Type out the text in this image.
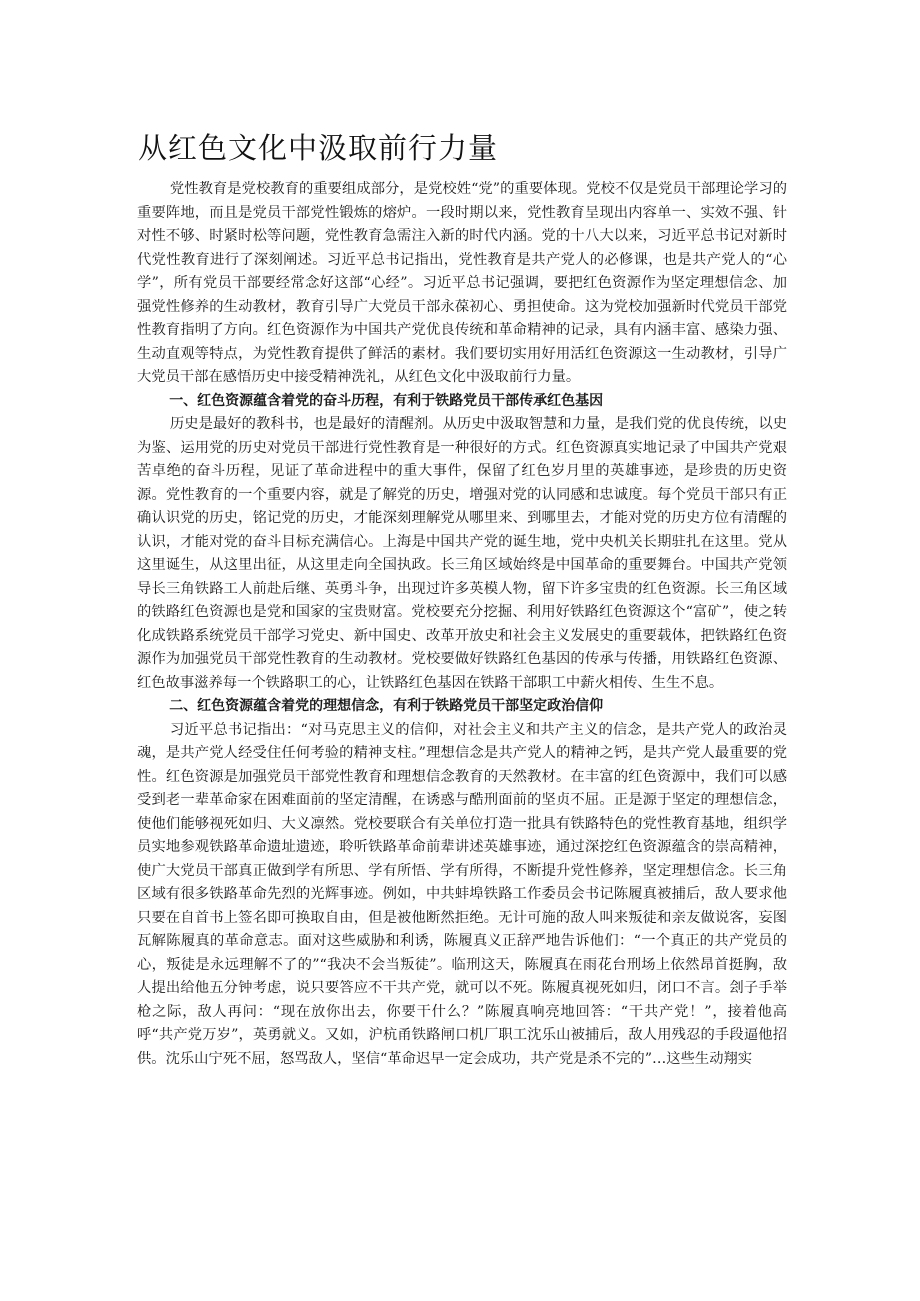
从红色文化中汲取前行力量

党性教育是党校教育的重要组成部分，是党校姓“党”的重要体现。党校不仅是党员干部理论学习的重要阵地，而且是党员干部党性锻炼的熔炉。一段时期以来，党性教育呈现出内容单一、实效不强、针对性不够、时紧时松等问题，党性教育急需注入新的时代内涵。党的十八大以来，习近平总书记对新时代党性教育进行了深刻阐述。习近平总书记指出，党性教育是共产党人的必修课，也是共产党人的“心学”，所有党员干部要经常念好这部“心经”。习近平总书记强调，要把红色资源作为坚定理想信念、加强党性修养的生动教材，教育引导广大党员干部永葆初心、勇担使命。这为党校加强新时代党员干部党性教育指明了方向。红色资源作为中国共产党优良传统和革命精神的记录，具有内涵丰富、感染力强、生动直观等特点，为党性教育提供了鲜活的素材。我们要切实用好用活红色资源这一生动教材，引导广大党员干部在感悟历史中接受精神洗礼，从红色文化中汲取前行力量。

一、红色资源蕴含着党的奋斗历程，有利于铁路党员干部传承红色基因

历史是最好的教科书，也是最好的清醒剂。从历史中汲取智慧和力量，是我们党的优良传统，以史为鉴、运用党的历史对党员干部进行党性教育是一种很好的方式。红色资源真实地记录了中国共产党艰苦卓绝的奋斗历程，见证了革命进程中的重大事件，保留了红色岁月里的英雄事迹，是珍贵的历史资源。党性教育的一个重要内容，就是了解党的历史，增强对党的认同感和忠诚度。每个党员干部只有正确认识党的历史，铭记党的历史，才能深刻理解党从哪里来、到哪里去，才能对党的历史方位有清醒的认识，才能对党的奋斗目标充满信心。上海是中国共产党的诞生地，党中央机关长期驻扎在这里。党从这里诞生，从这里出征，从这里走向全国执政。长三角区域始终是中国革命的重要舞台。中国共产党领导长三角铁路工人前赴后继、英勇斗争，出现过许多英模人物，留下许多宝贵的红色资源。长三角区域的铁路红色资源也是党和国家的宝贵财富。党校要充分挖掘、利用好铁路红色资源这个“富矿”，使之转化成铁路系统党员干部学习党史、新中国史、改革开放史和社会主义发展史的重要载体，把铁路红色资源作为加强党员干部党性教育的生动教材。党校要做好铁路红色基因的传承与传播，用铁路红色资源、红色故事滋养每一个铁路职工的心，让铁路红色基因在铁路干部职工中薪火相传、生生不息。

二、红色资源蕴含着党的理想信念，有利于铁路党员干部坚定政治信仰

习近平总书记指出：“对马克思主义的信仰，对社会主义和共产主义的信念，是共产党人的政治灵魂，是共产党人经受住任何考验的精神支柱。”理想信念是共产党人的精神之钙，是共产党人最重要的党性。红色资源是加强党员干部党性教育和理想信念教育的天然教材。在丰富的红色资源中，我们可以感受到老一辈革命家在困难面前的坚定清醒，在诱惑与酷刑面前的坚贞不屈。正是源于坚定的理想信念，使他们能够视死如归、大义凛然。党校要联合有关单位打造一批具有铁路特色的党性教育基地，组织学员实地参观铁路革命遗址遗迹，聆听铁路革命前辈讲述英雄事迹，通过深挖红色资源蕴含的崇高精神，使广大党员干部真正做到学有所思、学有所悟、学有所得，不断提升党性修养，坚定理想信念。长三角区域有很多铁路革命先烈的光辉事迹。例如，中共蚌埠铁路工作委员会书记陈履真被捕后，敌人要求他只要在自首书上签名即可换取自由，但是被他断然拒绝。无计可施的敌人叫来叛徒和亲友做说客，妄图瓦解陈履真的革命意志。面对这些威胁和利诱，陈履真义正辞严地告诉他们：“一个真正的共产党员的心，叛徒是永远理解不了的”“我决不会当叛徒”。临刑这天，陈履真在雨花台刑场上依然昂首挺胸，敌人提出给他五分钟考虑，说只要答应不干共产党，就可以不死。陈履真视死如归，闭口不言。刽子手举枪之际，敌人再问：“现在放你出去，你要干什么？”陈履真响亮地回答：“干共产党！”，接着他高呼“共产党万岁”，英勇就义。又如，沪杭甬铁路闸口机厂职工沈乐山被捕后，敌人用残忍的手段逼他招供。沈乐山宁死不屈，怒骂敌人，坚信“革命迟早一定会成功，共产党是杀不完的”…这些生动翔实
